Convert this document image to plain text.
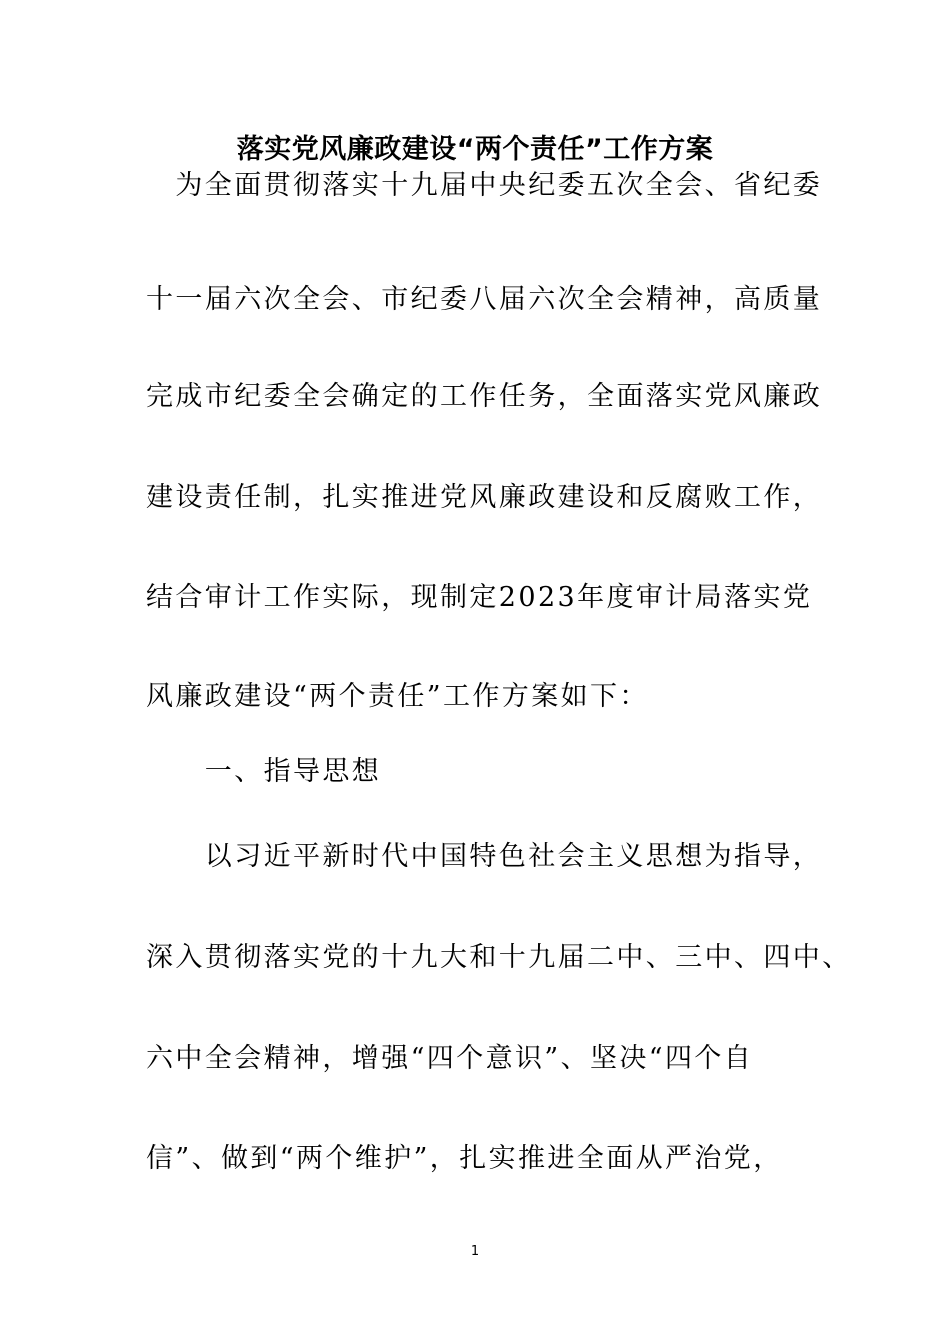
落实党风廉政建设“两个责任”工作方案
　为全面贯彻落实十九届中央纪委五次全会、省纪委
十一届六次全会、市纪委八届六次全会精神，高质量
完成市纪委全会确定的工作任务，全面落实党风廉政
建设责任制，扎实推进党风廉政建设和反腐败工作，
结合审计工作实际，现制定2023年度审计局落实党
风廉政建设“两个责任”工作方案如下：
　　一、指导思想
　　以习近平新时代中国特色社会主义思想为指导，
深入贯彻落实党的十九大和十九届二中、三中、四中、
六中全会精神，增强“四个意识”、坚决“四个自
信”、做到“两个维护”，扎实推进全面从严治党，
1
